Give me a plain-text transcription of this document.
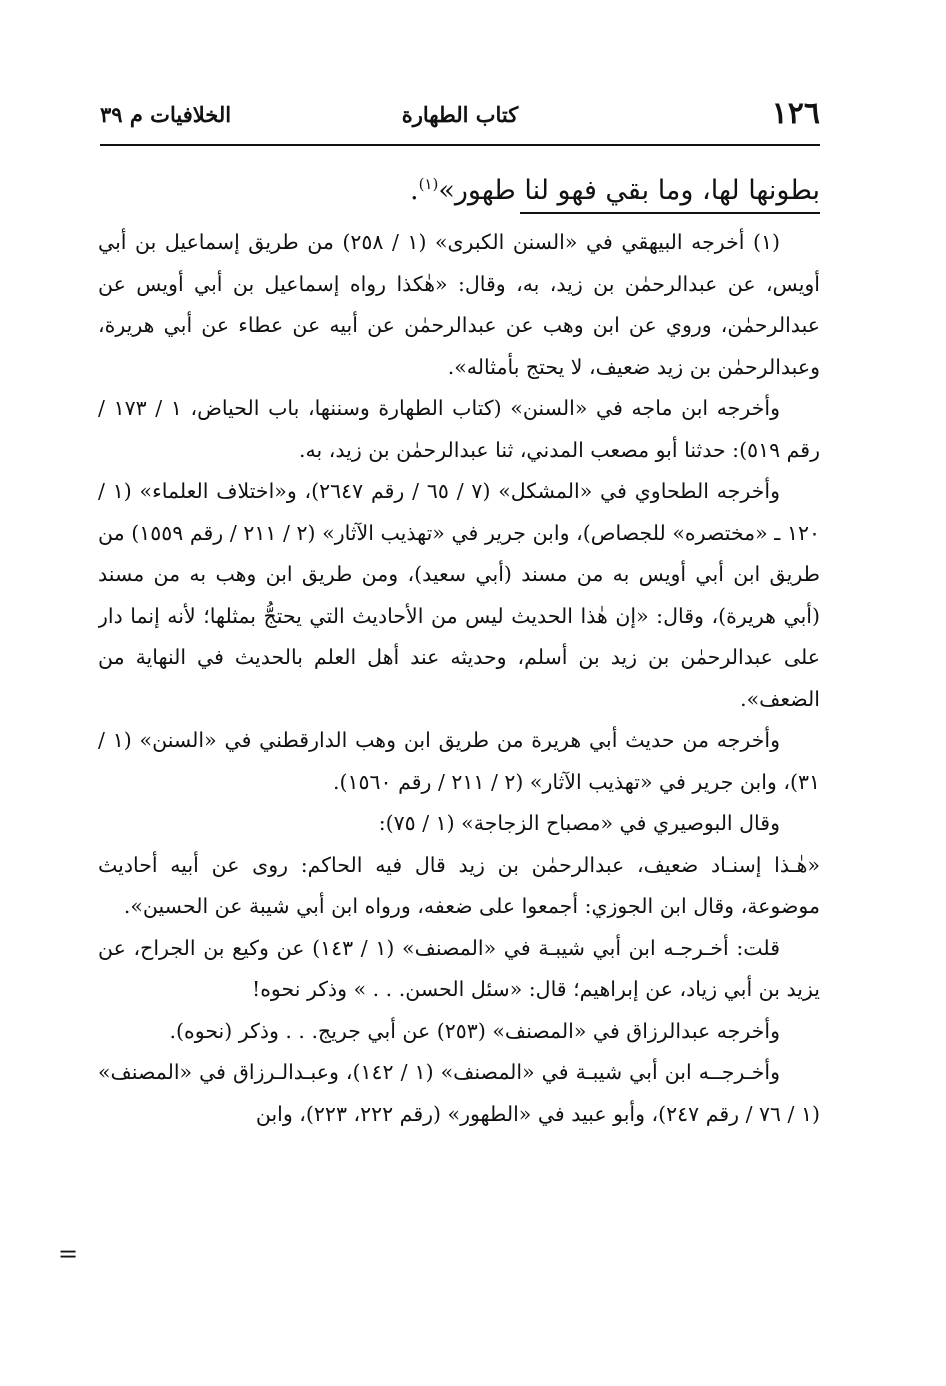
١٢٦
كتاب الطهارة
الخلافيات م ٣٩
بطونها لها، وما بقي فهو لنا طهور»$^{(١)}$.

(١) أخرجه البيهقي في «السنن الكبرى» (١ / ٢٥٨) من طريق إسماعيل بن أبي أويس، عن عبدالرحمٰن بن زيد، به، وقال: «هٰكذا رواه إسماعيل بن أبي أويس عن عبدالرحمٰن، وروي عن ابن وهب عن عبدالرحمٰن عن أبيه عن عطاء عن أبي هريرة، وعبدالرحمٰن بن زيد ضعيف، لا يحتج بأمثاله».

وأخرجه ابن ماجه في «السنن» (كتاب الطهارة وسننها، باب الحياض، ١ / ١٧٣ / رقم ٥١٩): حدثنا أبو مصعب المدني، ثنا عبدالرحمٰن بن زيد، به.

وأخرجه الطحاوي في «المشكل» (٧ / ٦٥ / رقم ٢٦٤٧)، و«اختلاف العلماء» (١ / ١٢٠ ـ «مختصره» للجصاص)، وابن جرير في «تهذيب الآثار» (٢ / ٢١١ / رقم ١٥٥٩) من طريق ابن أبي أويس به من مسند (أبي سعيد)، ومن طريق ابن وهب به من مسند (أبي هريرة)، وقال: «إن هٰذا الحديث ليس من الأحاديث التي يحتجُّ بمثلها؛ لأنه إنما دار على عبدالرحمٰن بن زيد بن أسلم، وحديثه عند أهل العلم بالحديث في النهاية من الضعف».

وأخرجه من حديث أبي هريرة من طريق ابن وهب الدارقطني في «السنن» (١ / ٣١)، وابن جرير في «تهذيب الآثار» (٢ / ٢١١ / رقم ١٥٦٠).

وقال البوصيري في «مصباح الزجاجة» (١ / ٧٥):

«هٰـذا إسنـاد ضعيف، عبدالرحمٰن بن زيد قال فيه الحاكم: روى عن أبيه أحاديث موضوعة، وقال ابن الجوزي: أجمعوا على ضعفه، ورواه ابن أبي شيبة عن الحسين».

قلت: أخـرجـه ابن أبي شيبـة في «المصنف» (١ / ١٤٣) عن وكيع بن الجراح، عن يزيد بن أبي زياد، عن إبراهيم؛ قال: «سئل الحسن. . . » وذكر نحوه!

وأخرجه عبدالرزاق في «المصنف» (٢٥٣) عن أبي جريج. . . وذكر (نحوه).

وأخـرجــه ابن أبي شيبـة في «المصنف» (١ / ١٤٢)، وعبـدالـرزاق في «المصنف» (١ / ٧٦ / رقم ٢٤٧)، وأبو عبيد في «الطهور» (رقم ٢٢٢، ٢٢٣)، وابن

=
